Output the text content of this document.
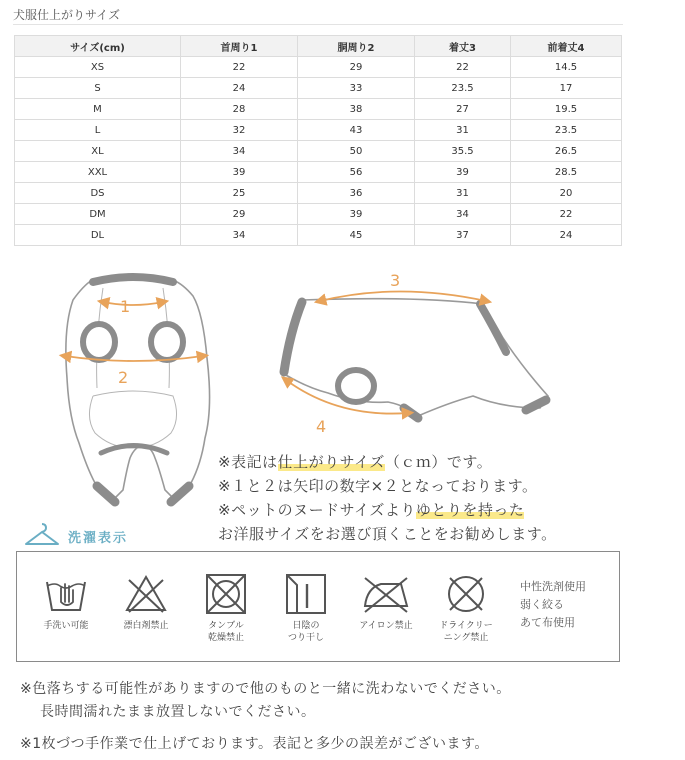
犬服仕上がりサイズ
サイズ(cm)	首周り1	胴周り2	着丈3	前着丈4
XS	22	29	22	14.5
S	24	33	23.5	17
M	28	38	27	19.5
L	32	43	31	23.5
XL	34	50	35.5	26.5
XXL	39	56	39	28.5
DS	25	36	31	20
DM	29	39	34	22
DL	34	45	37	24
1
2
3
4
※表記は仕上がりサイズ（ｃｍ）です。
※１と２は矢印の数字×２となっております。
※ペットのヌードサイズよりゆとりを持った
お洋服サイズをお選び頂くことをお勧めします。
洗濯表示
手洗い可能	漂白剤禁止	タンブル
乾燥禁止
日陰の
つり干し
アイロン禁止	ドライクリー
ニング禁止
中性洗剤使用
弱く絞る
あて布使用
※色落ちする可能性がありますので他のものと一緒に洗わないでください。
長時間濡れたまま放置しないでください。
※1枚づつ手作業で仕上げております。表記と多少の誤差がございます。
